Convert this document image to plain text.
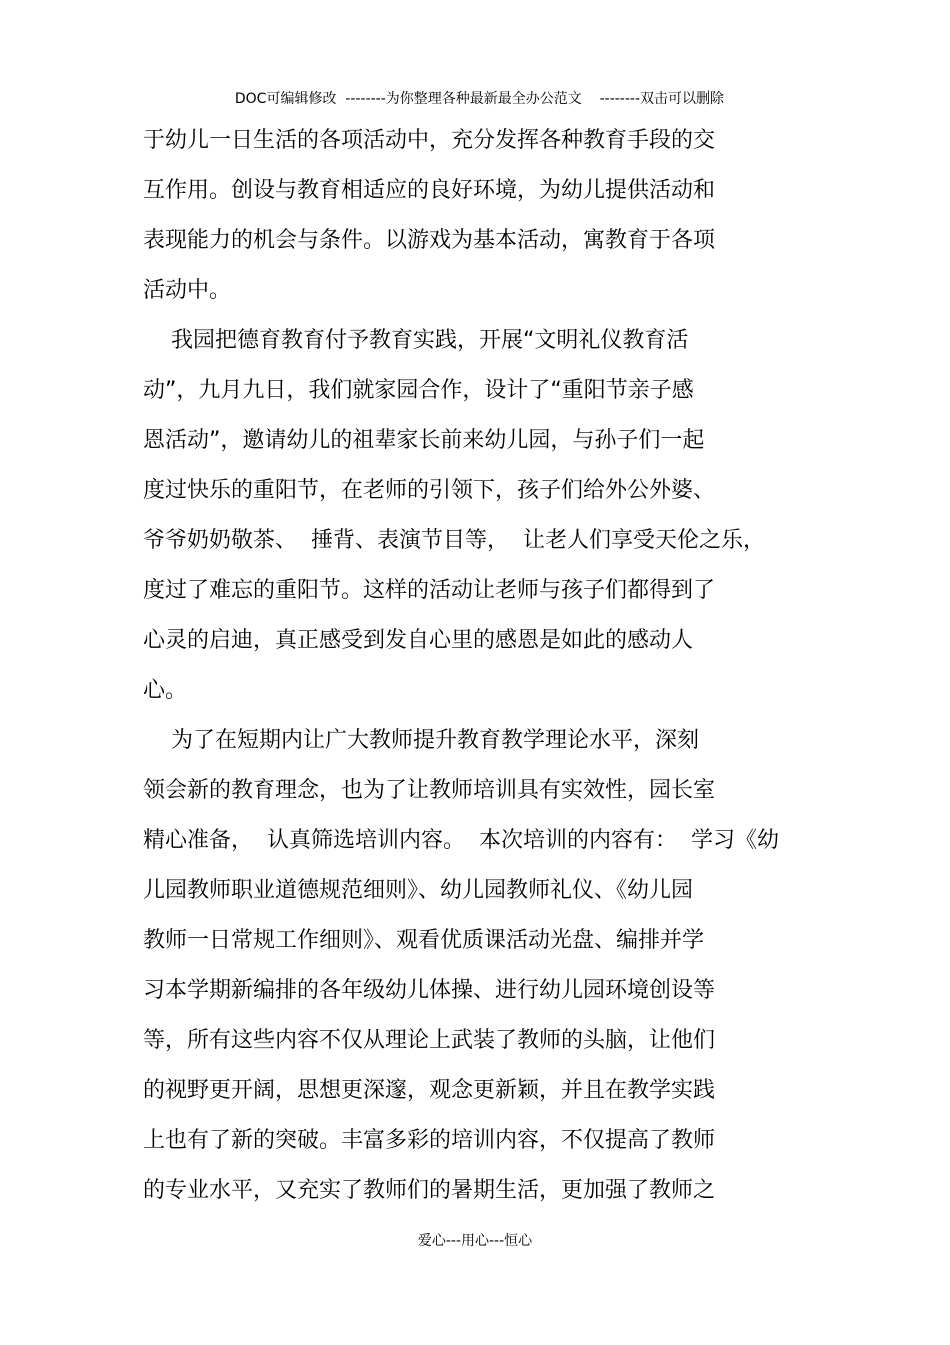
DOC可编辑修改 --------为你整理各种最新最全办公范文 --------双击可以删除

于幼儿一日生活的各项活动中，充分发挥各种教育手段的交
互作用。创设与教育相适应的良好环境，为幼儿提供活动和
表现能力的机会与条件。以游戏为基本活动，寓教育于各项
活动中。
我园把德育教育付予教育实践，开展“文明礼仪教育活
动”，九月九日，我们就家园合作，设计了“重阳节亲子感
恩活动”，邀请幼儿的祖辈家长前来幼儿园，与孙子们一起
度过快乐的重阳节，在老师的引领下，孩子们给外公外婆、
爷爷奶奶敬茶、  捶背、表演节目等，  让老人们享受天伦之乐，
度过了难忘的重阳节。这样的活动让老师与孩子们都得到了
心灵的启迪，真正感受到发自心里的感恩是如此的感动人
心。
为了在短期内让广大教师提升教育教学理论水平，深刻
领会新的教育理念，也为了让教师培训具有实效性，园长室
精心准备，  认真筛选培训内容。  本次培训的内容有：  学习《幼
儿园教师职业道德规范细则》、幼儿园教师礼仪、《幼儿园
教师一日常规工作细则》、观看优质课活动光盘、编排并学
习本学期新编排的各年级幼儿体操、进行幼儿园环境创设等
等，所有这些内容不仅从理论上武装了教师的头脑，让他们
的视野更开阔，思想更深邃，观念更新颖，并且在教学实践
上也有了新的突破。丰富多彩的培训内容，不仅提高了教师
的专业水平，又充实了教师们的暑期生活，更加强了教师之
爱心---用心---恒心
